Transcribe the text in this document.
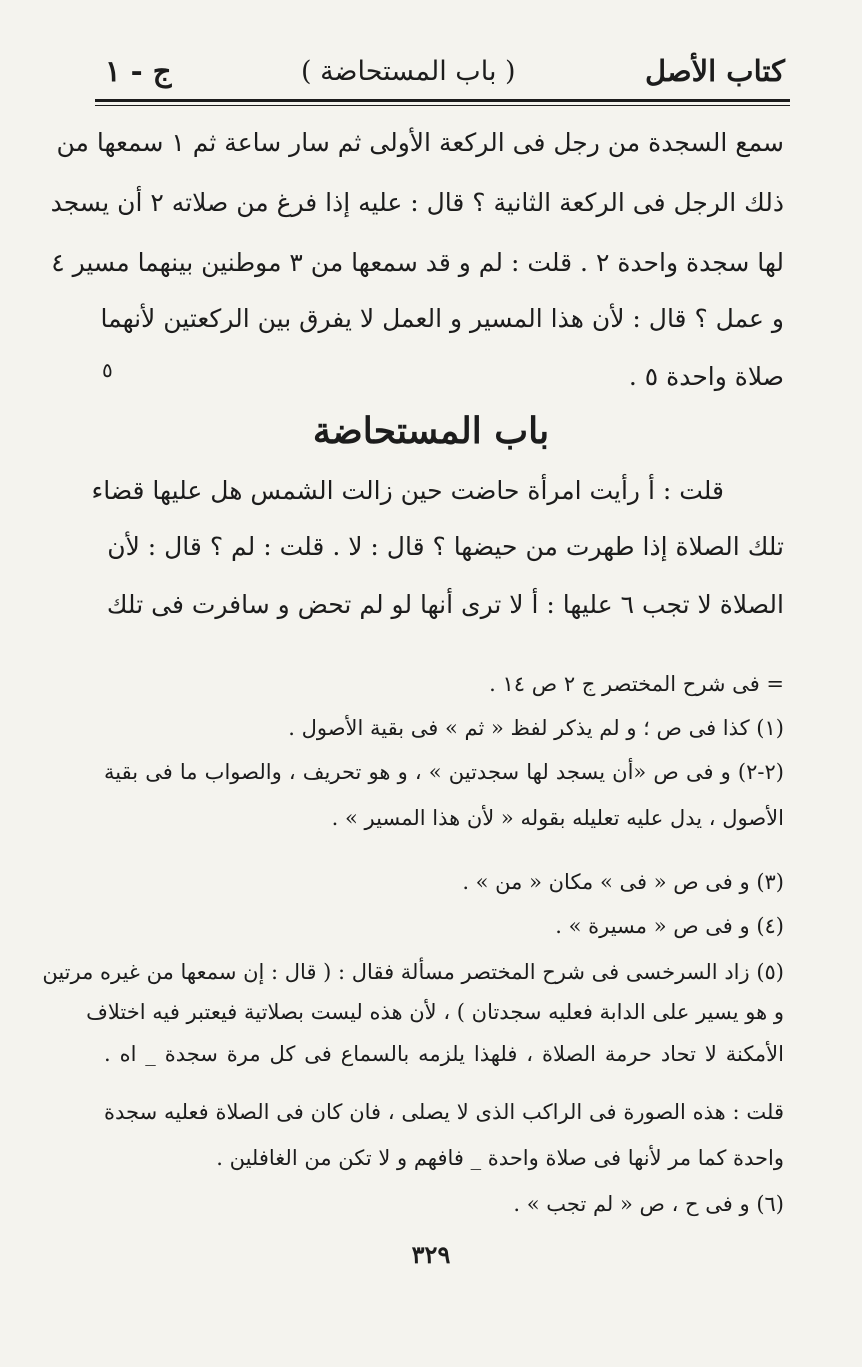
كتاب الأصل
( باب المستحاضة )
ج - ١
سمع السجدة من رجل فى الركعة الأولى ثم سار ساعة ثم ١ سمعها من
ذلك الرجل فى الركعة الثانية ؟ قال : عليه إذا فرغ من صلاته ٢ أن يسجد
لها سجدة واحدة ٢ . قلت : لم و قد سمعها من ٣ موطنين بينهما مسير ٤
و عمل ؟ قال : لأن هذا المسير و العمل لا يفرق بين الركعتين لأنهما
صلاة واحدة ٥ .
قلت : أ رأيت امرأة حاضت حين زالت الشمس هل عليها قضاء
تلك الصلاة إذا طهرت من حيضها ؟ قال : لا . قلت : لم ؟ قال : لأن
الصلاة لا تجب ٦ عليها : أ لا ترى أنها لو لم تحض و سافرت فى تلك
٥
باب المستحاضة
= فى شرح المختصر ج ٢ ص ١٤ .
(١) كذا فى ص ؛ و لم يذكر لفظ « ثم » فى بقية الأصول .
(٢-٢) و فى ص «أن يسجد لها سجدتين » ، و هو تحريف ، والصواب ما فى بقية
الأصول ، يدل عليه تعليله بقوله « لأن هذا المسير » .
(٣) و فى ص « فى » مكان « من » .
(٤) و فى ص « مسيرة » .
(٥) زاد السرخسى فى شرح المختصر مسألة فقال : ( قال : إن سمعها من غيره مرتين
و هو يسير على الدابة فعليه سجدتان ) ، لأن هذه ليست بصلاتية فيعتبر فيه اختلاف
الأمكنة لا تحاد حرمة الصلاة ، فلهذا يلزمه بالسماع فى كل مرة سجدة _ اه .
قلت : هذه الصورة فى الراكب الذى لا يصلى ، فان كان فى الصلاة فعليه سجدة
واحدة كما مر لأنها فى صلاة واحدة _ فافهم و لا تكن من الغافلين .
(٦) و فى ح ، ص « لم تجب » .
٣٢٩
